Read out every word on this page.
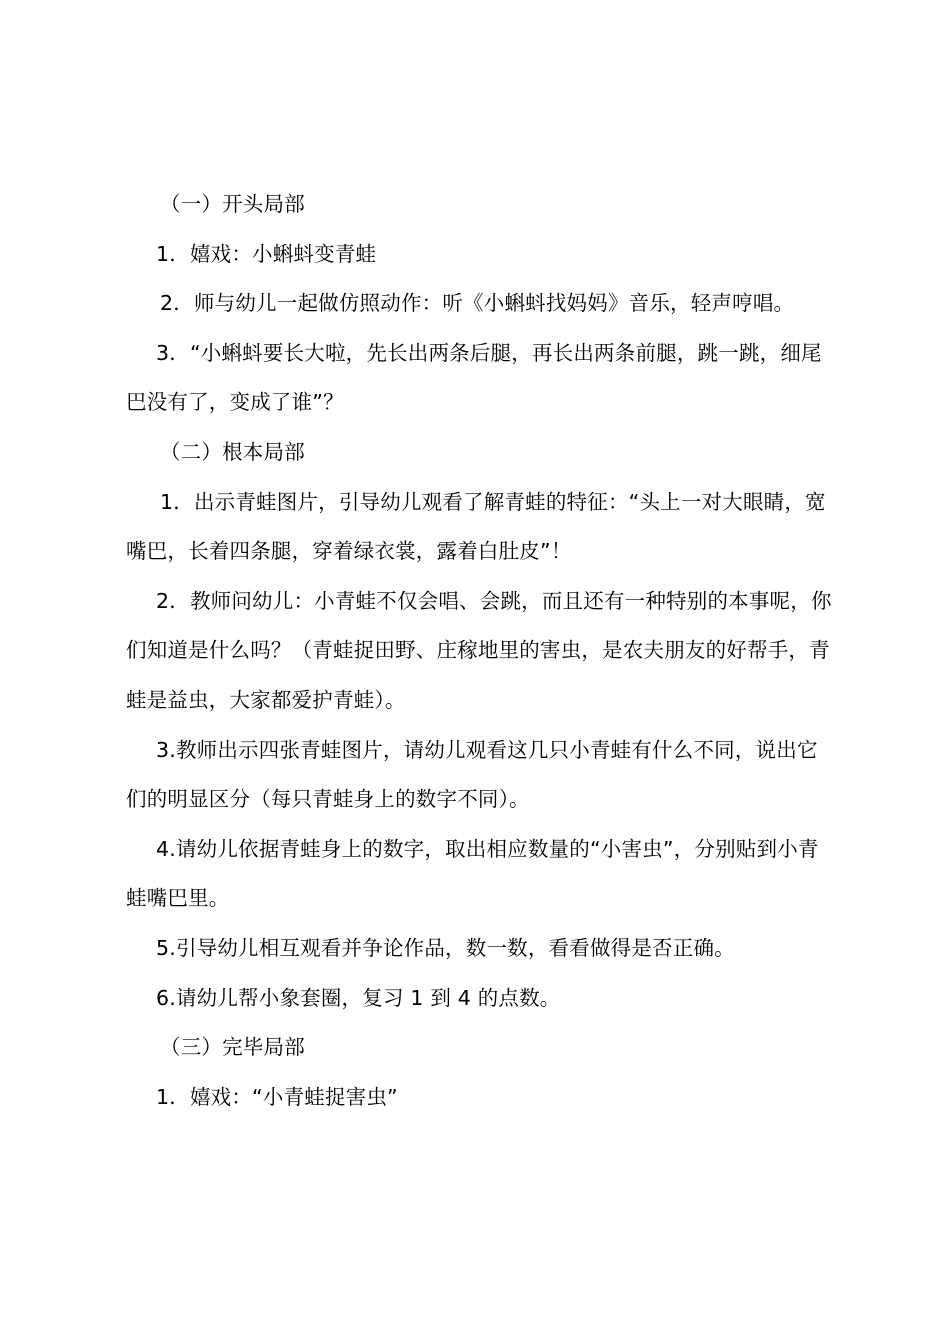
（一）开头局部

1．嬉戏：小蝌蚪变青蛙

2．师与幼儿一起做仿照动作：听《小蝌蚪找妈妈》音乐，轻声哼唱。

3．“小蝌蚪要长大啦，先长出两条后腿，再长出两条前腿，跳一跳，细尾巴没有了，变成了谁”？

（二）根本局部

1．出示青蛙图片，引导幼儿观看了解青蛙的特征：“头上一对大眼睛，宽嘴巴，长着四条腿，穿着绿衣裳，露着白肚皮”！

2．教师问幼儿：小青蛙不仅会唱、会跳，而且还有一种特别的本事呢，你们知道是什么吗？（青蛙捉田野、庄稼地里的害虫，是农夫朋友的好帮手，青蛙是益虫，大家都爱护青蛙）。

3.教师出示四张青蛙图片，请幼儿观看这几只小青蛙有什么不同，说出它们的明显区分（每只青蛙身上的数字不同）。

4.请幼儿依据青蛙身上的数字，取出相应数量的“小害虫”，分别贴到小青蛙嘴巴里。

5.引导幼儿相互观看并争论作品，数一数，看看做得是否正确。

6.请幼儿帮小象套圈，复习 1 到 4 的点数。

（三）完毕局部

1．嬉戏：“小青蛙捉害虫”
